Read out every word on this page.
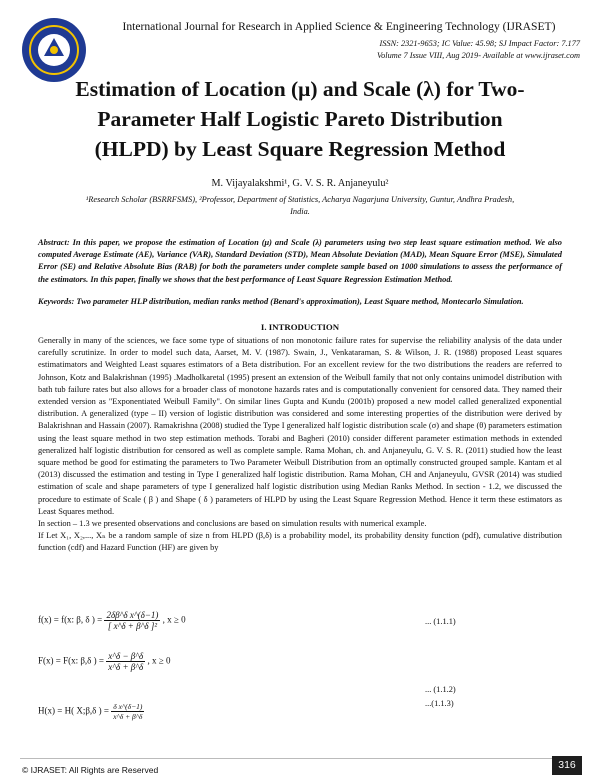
International Journal for Research in Applied Science & Engineering Technology (IJRASET)
ISSN: 2321-9653; IC Value: 45.98; SJ Impact Factor: 7.177
Volume 7 Issue VIII, Aug 2019- Available at www.ijraset.com
Estimation of Location (μ) and Scale (λ) for Two-
Parameter Half Logistic Pareto Distribution
(HLPD) by Least Square Regression Method
M. Vijayalakshmi¹, G. V. S. R. Anjaneyulu²
¹Research Scholar (BSRRFSMS), ²Professor, Department of Statistics, Acharya Nagarjuna University, Guntur, Andhra Pradesh,
India.
Abstract: In this paper, we propose the estimation of Location (μ) and Scale (λ) parameters using two step least square estimation method. We also computed Average Estimate (AE), Variance (VAR), Standard Deviation (STD), Mean Absolute Deviation (MAD), Mean Square Error (MSE), Simulated Error (SE) and Relative Absolute Bias (RAB) for both the parameters under complete sample based on 1000 simulations to assess the performance of the estimators. In this paper, finally we shows that the best performance of Least Square Regression Estimation Method.
Keywords: Two parameter HLP distribution, median ranks method (Benard's approximation), Least Square method, Montecarlo Simulation.
I. INTRODUCTION

Generally in many of the sciences, we face some type of situations of non monotonic failure rates for supervise the reliability analysis of the data under carefully scrutinize. In order to model such data, Aarset, M. V. (1987). Swain, J., Venkataraman, S. & Wilson, J. R. (1988) proposed Least squares estimatimators and Weighted Least squares estimators of a Beta distribution. For an excellent review for the two distributions the readers are referred to Johnson, Kotz and Balakrishnan (1995) .Madholkaretal (1995) present an extension of the Weibull family that not only contains unimodel distribution with bath tub failure rates but also allows for a broader class of monotone hazards rates and is computationally convenient for censored data. They named their extended version as "Exponentiated Weibull Family". On similar lines Gupta and Kundu (2001b) proposed a new model called generalized exponential distribution. A generalized (type – II) version of logistic distribution was considered and some interesting properties of the distribution were derived by Balakrishnan and Hassain (2007). Ramakrishna (2008) studied the Type I generalized half logistic distribution scale (σ) and shape (θ) parameters estimation using the least square method in two step estimation methods. Torabi and Bagheri (2010) consider different parameter estimation methods in extended generalized half logistic distribution for censored as well as complete sample. Rama Mohan, ch. and Anjaneyulu, G. V. S. R. (2011) studied how the least square method be good for estimating the parameters to Two Parameter Weibull Distribution from an optimally constructed grouped sample. Kantam et al (2013) discussed the estimation and testing in Type I generalized half logistic distribution. Rama Mohan, CH and Anjaneyulu, GVSR (2014) was studied estimation of scale and shape parameters of type I generalized half logistic distribution using Median Ranks Method. In section - 1.2, we discussed the procedure to estimate of Scale ( β ) and Shape ( δ ) parameters of HLPD by using the Least Square Regression Method. Hence it term these estimators as Least Squares method.

In section – 1.3 we presented observations and conclusions are based on simulation results with numerical example.

If Let X₁, X₂,..., Xₙ be a random sample of size n from HLPD (β,δ) is a probability model, its probability density function (pdf), cumulative distribution function (cdf) and Hazard Function (HF) are given by

f(x) = f(x: β, δ ) = $\frac{\text{2δβ\textasciicircum{}δ x\textasciicircum{}(δ−1)}}{\text{[ x\textasciicircum{}δ + β\textasciicircum{}δ ]²}}$ , x ≥ 0	... (1.1.1)
F(x) = F(x: β,δ ) = $\frac{x\^{}\delta - \beta\^{}\delta}{x\^{}\delta + \beta\^{}\delta}$ , x ≥ 0
... (1.1.2)
H(x) = H( X;β,δ ) = $\frac{\text{δ x\textasciicircum{}(δ−1)}}{x\^{}\delta + \beta\^{}\delta}$	...(1.1.3)
© IJRASET: All Rights are Reserved	316
